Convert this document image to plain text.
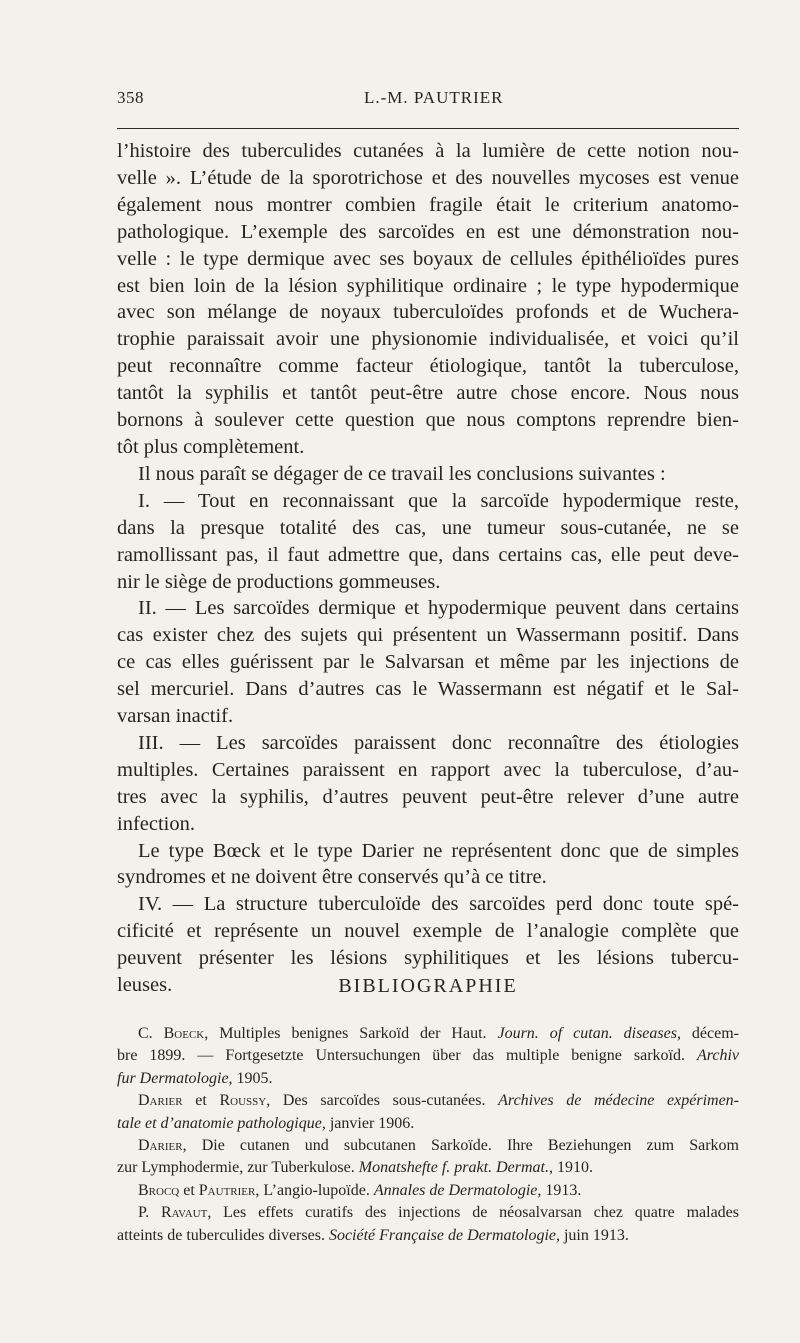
358	L.-M. PAUTRIER
l’histoire des tuberculides cutanées à la lumière de cette notion nou-
velle ». L’étude de la sporotrichose et des nouvelles mycoses est venue
également nous montrer combien fragile était le criterium anatomo-
pathologique. L’exemple des sarcoïdes en est une démonstration nou-
velle : le type dermique avec ses boyaux de cellules épithélioïdes pures
est bien loin de la lésion syphilitique ordinaire ; le type hypodermique
avec son mélange de noyaux tuberculoïdes profonds et de Wuchera-
trophie paraissait avoir une physionomie individualisée, et voici qu’il
peut reconnaître comme facteur étiologique, tantôt la tuberculose,
tantôt la syphilis et tantôt peut-être autre chose encore. Nous nous
bornons à soulever cette question que nous comptons reprendre bien-
tôt plus complètement.
Il nous paraît se dégager de ce travail les conclusions suivantes :
I. — Tout en reconnaissant que la sarcoïde hypodermique reste,
dans la presque totalité des cas, une tumeur sous-cutanée, ne se
ramollissant pas, il faut admettre que, dans certains cas, elle peut deve-
nir le siège de productions gommeuses.
II. — Les sarcoïdes dermique et hypodermique peuvent dans certains
cas exister chez des sujets qui présentent un Wassermann positif. Dans
ce cas elles guérissent par le Salvarsan et même par les injections de
sel mercuriel. Dans d’autres cas le Wassermann est négatif et le Sal-
varsan inactif.
III. — Les sarcoïdes paraissent donc reconnaître des étiologies
multiples. Certaines paraissent en rapport avec la tuberculose, d’au-
tres avec la syphilis, d’autres peuvent peut-être relever d’une autre
infection.
Le type Bœck et le type Darier ne représentent donc que de simples
syndromes et ne doivent être conservés qu’à ce titre.
IV. — La structure tuberculoïde des sarcoïdes perd donc toute spé-
cificité et représente un nouvel exemple de l’analogie complète que
peuvent présenter les lésions syphilitiques et les lésions tubercu-
leuses.	BIBLIOGRAPHIE
C. Boeck, Multiples benignes Sarkoïd der Haut. Journ. of cutan. diseases, décem-
bre 1899. — Fortgesetzte Untersuchungen über das multiple benigne sarkoïd. Archiv
fur Dermatologie, 1905.
Darier et Roussy, Des sarcoïdes sous-cutanées. Archives de médecine expérimen-
tale et d’anatomie pathologique, janvier 1906.
Darier, Die cutanen und subcutanen Sarkoïde. Ihre Beziehungen zum Sarkom
zur Lymphodermie, zur Tuberkulose. Monatshefte f. prakt. Dermat., 1910.
Brocq et Pautrier, L’angio-lupoïde. Annales de Dermatologie, 1913.
P. Ravaut, Les effets curatifs des injections de néosalvarsan chez quatre malades
atteints de tuberculides diverses. Société Française de Dermatologie, juin 1913.
